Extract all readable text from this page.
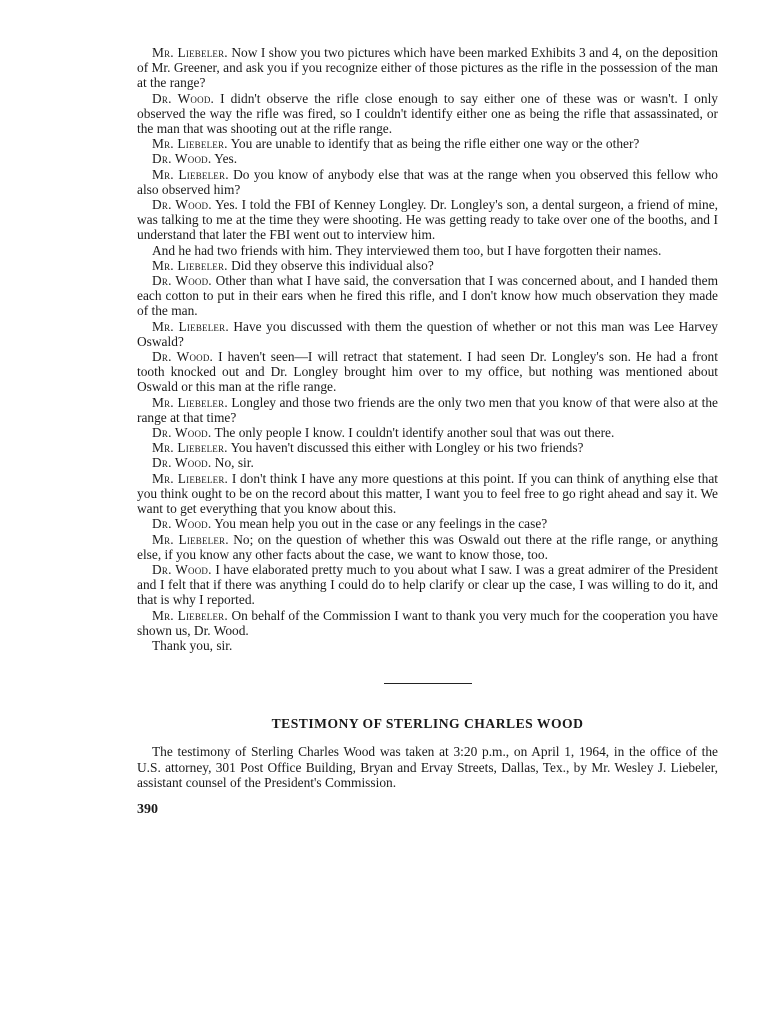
Mr. Liebeler. Now I show you two pictures which have been marked Exhibits 3 and 4, on the deposition of Mr. Greener, and ask you if you recognize either of those pictures as the rifle in the possession of the man at the range?

Dr. Wood. I didn't observe the rifle close enough to say either one of these was or wasn't. I only observed the way the rifle was fired, so I couldn't identify either one as being the rifle that assassinated, or the man that was shooting out at the rifle range.

Mr. Liebeler. You are unable to identify that as being the rifle either one way or the other?

Dr. Wood. Yes.

Mr. Liebeler. Do you know of anybody else that was at the range when you observed this fellow who also observed him?

Dr. Wood. Yes. I told the FBI of Kenney Longley. Dr. Longley's son, a dental surgeon, a friend of mine, was talking to me at the time they were shooting. He was getting ready to take over one of the booths, and I understand that later the FBI went out to interview him.

And he had two friends with him. They interviewed them too, but I have forgotten their names.

Mr. Liebeler. Did they observe this individual also?

Dr. Wood. Other than what I have said, the conversation that I was concerned about, and I handed them each cotton to put in their ears when he fired this rifle, and I don't know how much observation they made of the man.

Mr. Liebeler. Have you discussed with them the question of whether or not this man was Lee Harvey Oswald?

Dr. Wood. I haven't seen—I will retract that statement. I had seen Dr. Longley's son. He had a front tooth knocked out and Dr. Longley brought him over to my office, but nothing was mentioned about Oswald or this man at the rifle range.

Mr. Liebeler. Longley and those two friends are the only two men that you know of that were also at the range at that time?

Dr. Wood. The only people I know. I couldn't identify another soul that was out there.

Mr. Liebeler. You haven't discussed this either with Longley or his two friends?

Dr. Wood. No, sir.

Mr. Liebeler. I don't think I have any more questions at this point. If you can think of anything else that you think ought to be on the record about this matter, I want you to feel free to go right ahead and say it. We want to get everything that you know about this.

Dr. Wood. You mean help you out in the case or any feelings in the case?

Mr. Liebeler. No; on the question of whether this was Oswald out there at the rifle range, or anything else, if you know any other facts about the case, we want to know those, too.

Dr. Wood. I have elaborated pretty much to you about what I saw. I was a great admirer of the President and I felt that if there was anything I could do to help clarify or clear up the case, I was willing to do it, and that is why I reported.

Mr. Liebeler. On behalf of the Commission I want to thank you very much for the cooperation you have shown us, Dr. Wood.

Thank you, sir.

TESTIMONY OF STERLING CHARLES WOOD

The testimony of Sterling Charles Wood was taken at 3:20 p.m., on April 1, 1964, in the office of the U.S. attorney, 301 Post Office Building, Bryan and Ervay Streets, Dallas, Tex., by Mr. Wesley J. Liebeler, assistant counsel of the President's Commission.

390
